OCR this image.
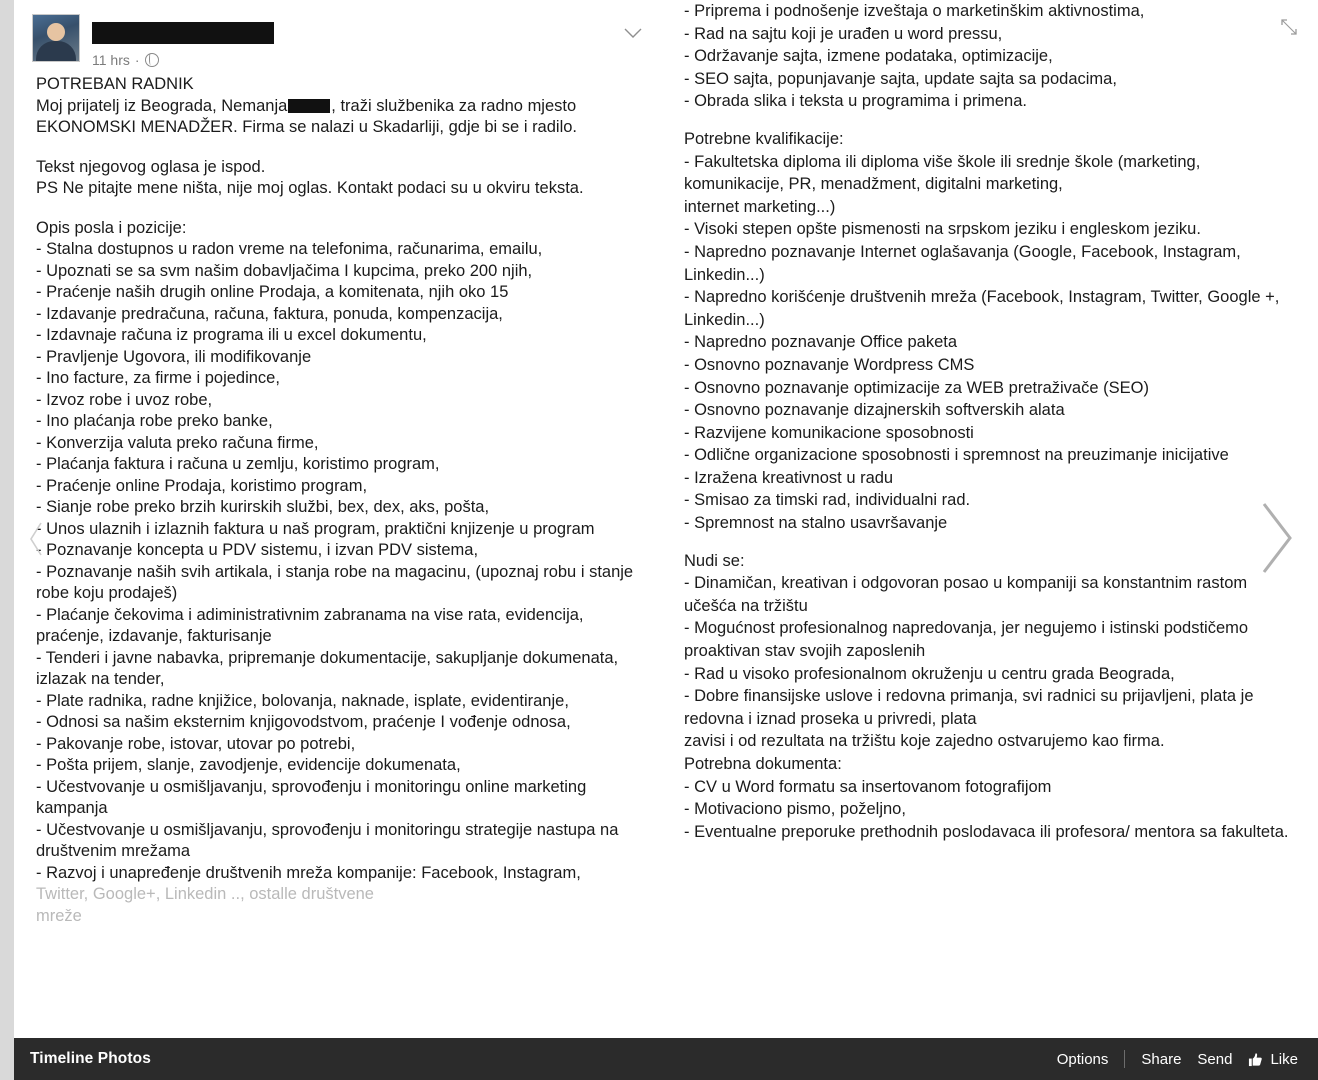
11 hrs ·

POTREBAN RADNIK

Moj prijatelj iz Beograda, Nemanja	, traži službenika za radno mjesto EKONOMSKI MENADŽER. Firma se nalazi u Skadarliji, gdje bi se i radilo.

Tekst njegovog oglasa je ispod.

PS Ne pitajte mene ništa, nije moj oglas. Kontakt podaci su u okviru teksta.

Opis posla i pozicije:

- Stalna dostupnos u radon vreme na telefonima, računarima, emailu,

- Upoznati se sa svm našim dobavljačima I kupcima, preko 200 njih,

- Praćenje naših drugih online Prodaja, a komitenata, njih oko 15

- Izdavanje predračuna, računa, faktura, ponuda, kompenzacija,

- Izdavnaje računa iz programa ili u excel dokumentu,

- Pravljenje Ugovora, ili modifikovanje

- Ino facture, za firme i pojedince,

- Izvoz robe i uvoz robe,

- Ino plaćanja robe preko banke,

- Konverzija valuta preko računa firme,

- Plaćanja faktura i računa u zemlju, koristimo program,

- Praćenje online Prodaja, koristimo program,

- Sianje robe preko brzih kurirskih službi, bex, dex, aks, pošta,

- Unos ulaznih i izlaznih faktura u naš program, praktični knjizenje u program

- Poznavanje koncepta u PDV sistemu, i izvan PDV sistema,

- Poznavanje naših svih artikala, i stanja robe na magacinu, (upoznaj robu i stanje robe koju prodaješ)

- Plaćanje čekovima i adiministrativnim zabranama na vise rata, evidencija, praćenje, izdavanje, fakturisanje

- Tenderi i javne nabavka, pripremanje dokumentacije, sakupljanje dokumenata, izlazak na tender,

- Plate radnika, radne knjižice, bolovanja, naknade, isplate, evidentiranje,

- Odnosi sa našim eksternim knjigovodstvom, praćenje I vođenje odnosa,

- Pakovanje robe, istovar, utovar po potrebi,

- Pošta prijem, slanje, zavodjenje, evidencije dokumenata,

- Učestvovanje u osmišljavanju, sprovođenju i monitoringu online marketing kampanja

- Učestvovanje u osmišljavanju, sprovođenju i monitoringu strategije nastupa na društvenim mrežama

- Razvoj i unapređenje društvenih mreža kompanije: Facebook, Instagram,

Twitter, Google+, Linkedin .., ostalle društvene

mreže

- Priprema i podnošenje izveštaja o marketinškim aktivnostima,

- Rad na sajtu koji je urađen u word pressu,

- Održavanje sajta, izmene podataka, optimizacije,

- SEO sajta, popunjavanje sajta, update sajta sa podacima,

- Obrada slika i teksta u programima i primena.

Potrebne kvalifikacije:

- Fakultetska diploma ili diploma više škole ili srednje škole (marketing, komunikacije, PR, menadžment, digitalni marketing,

internet marketing...)

- Visoki stepen opšte pismenosti na srpskom jeziku i engleskom jeziku.

- Napredno poznavanje Internet oglašavanja (Google, Facebook, Instagram, Linkedin...)

- Napredno korišćenje društvenih mreža (Facebook, Instagram, Twitter, Google +, Linkedin...)

- Napredno poznavanje Office paketa

- Osnovno poznavanje Wordpress CMS

- Osnovno poznavanje optimizacije za WEB pretraživače (SEO)

- Osnovno poznavanje dizajnerskih softverskih alata

- Razvijene komunikacione sposobnosti

- Odlične organizacione sposobnosti i spremnost na preuzimanje inicijative

- Izražena kreativnost u radu

- Smisao za timski rad, individualni rad.

- Spremnost na stalno usavršavanje

Nudi se:

- Dinamičan, kreativan i odgovoran posao u kompaniji sa konstantnim rastom učešća na tržištu

- Mogućnost profesionalnog napredovanja, jer negujemo i istinski podstičemo proaktivan stav svojih zaposlenih

- Rad u visoko profesionalnom okruženju u centru grada Beograda,

- Dobre finansijske uslove i redovna primanja, svi radnici su prijavljeni, plata je redovna i iznad proseka u privredi, plata

zavisi i od rezultata na tržištu koje zajedno ostvarujemo kao firma.

Potrebna dokumenta:

- CV u Word formatu sa insertovanom fotografijom

- Motivaciono pismo, poželjno,

- Eventualne preporuke prethodnih poslodavaca ili profesora/ mentora sa fakulteta.

Timeline Photos	Options Share Send	Like
